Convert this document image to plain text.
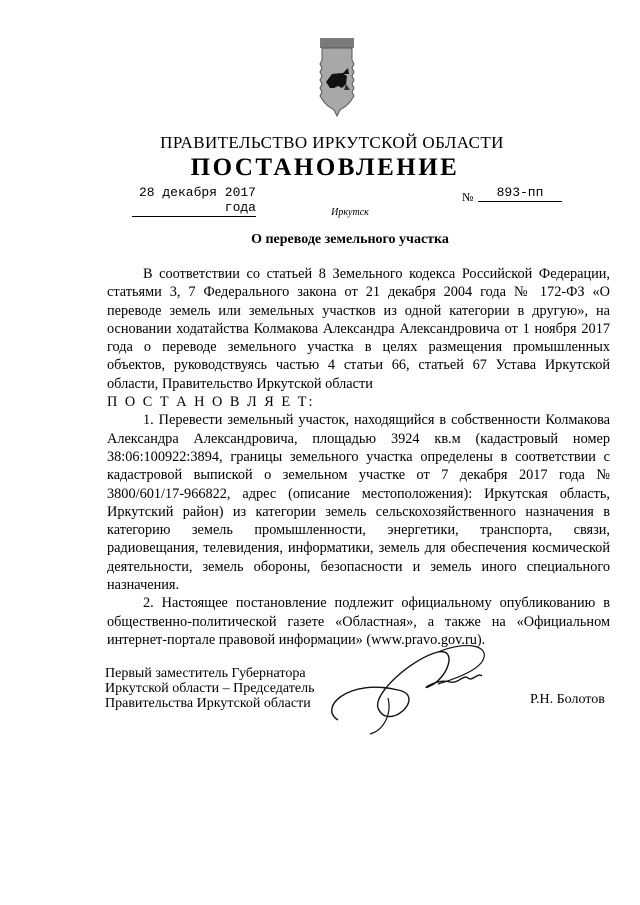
ПРАВИТЕЛЬСТВО ИРКУТСКОЙ ОБЛАСТИ
ПОСТАНОВЛЕНИЕ
28 декабря 2017 года
№	893-пп
Иркутск
О переводе земельного участка

В соответствии со статьей 8 Земельного кодекса Российской Федерации, статьями 3, 7 Федерального закона от 21 декабря 2004 года № 172-ФЗ «О переводе земель или земельных участков из одной категории в другую», на основании ходатайства Колмакова Александра Александровича от 1 ноября 2017 года о переводе земельного участка в целях размещения промышленных объектов, руководствуясь частью 4 статьи 66, статьей 67 Устава Иркутской области, Правительство Иркутской области

П О С Т А Н О В Л Я Е Т:

1. Перевести земельный участок, находящийся в собственности Колмакова Александра Александровича, площадью 3924 кв.м (кадастровый номер 38:06:100922:3894, границы земельного участка определены в соответствии с кадастровой выпиской о земельном участке от 7 декабря 2017 года № 3800/601/17-966822, адрес (описание местоположения): Иркутская область, Иркутский район) из категории земель сельскохозяйственного назначения в категорию земель промышленности, энергетики, транспорта, связи, радиовещания, телевидения, информатики, земель для обеспечения космической деятельности, земель обороны, безопасности и земель иного специального назначения.

2. Настоящее постановление подлежит официальному опубликованию в общественно-политической газете «Областная», а также на «Официальном интернет-портале правовой информации» (www.pravo.gov.ru).

Первый заместитель Губернатора
Иркутской области – Председатель
Правительства Иркутской области	Р.Н. Болотов
